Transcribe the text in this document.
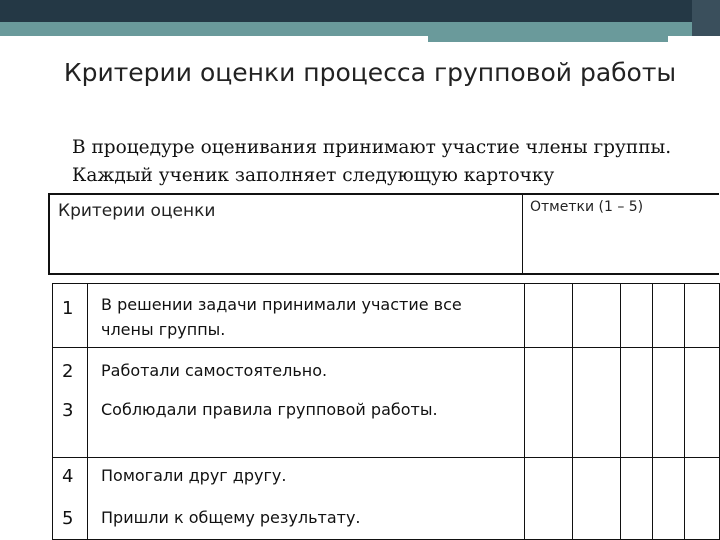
Критерии оценки процесса групповой работы
В процедуре оценивания принимают участие члены группы. Каждый ученик заполняет следующую карточку
Критерии оценки	Отметки (1 – 5)
1
2
3
4
5
В решении задачи принимали участие все члены группы.
Работали самостоятельно.
Соблюдали правила групповой работы.
Помогали друг другу.
Пришли к общему результату.
